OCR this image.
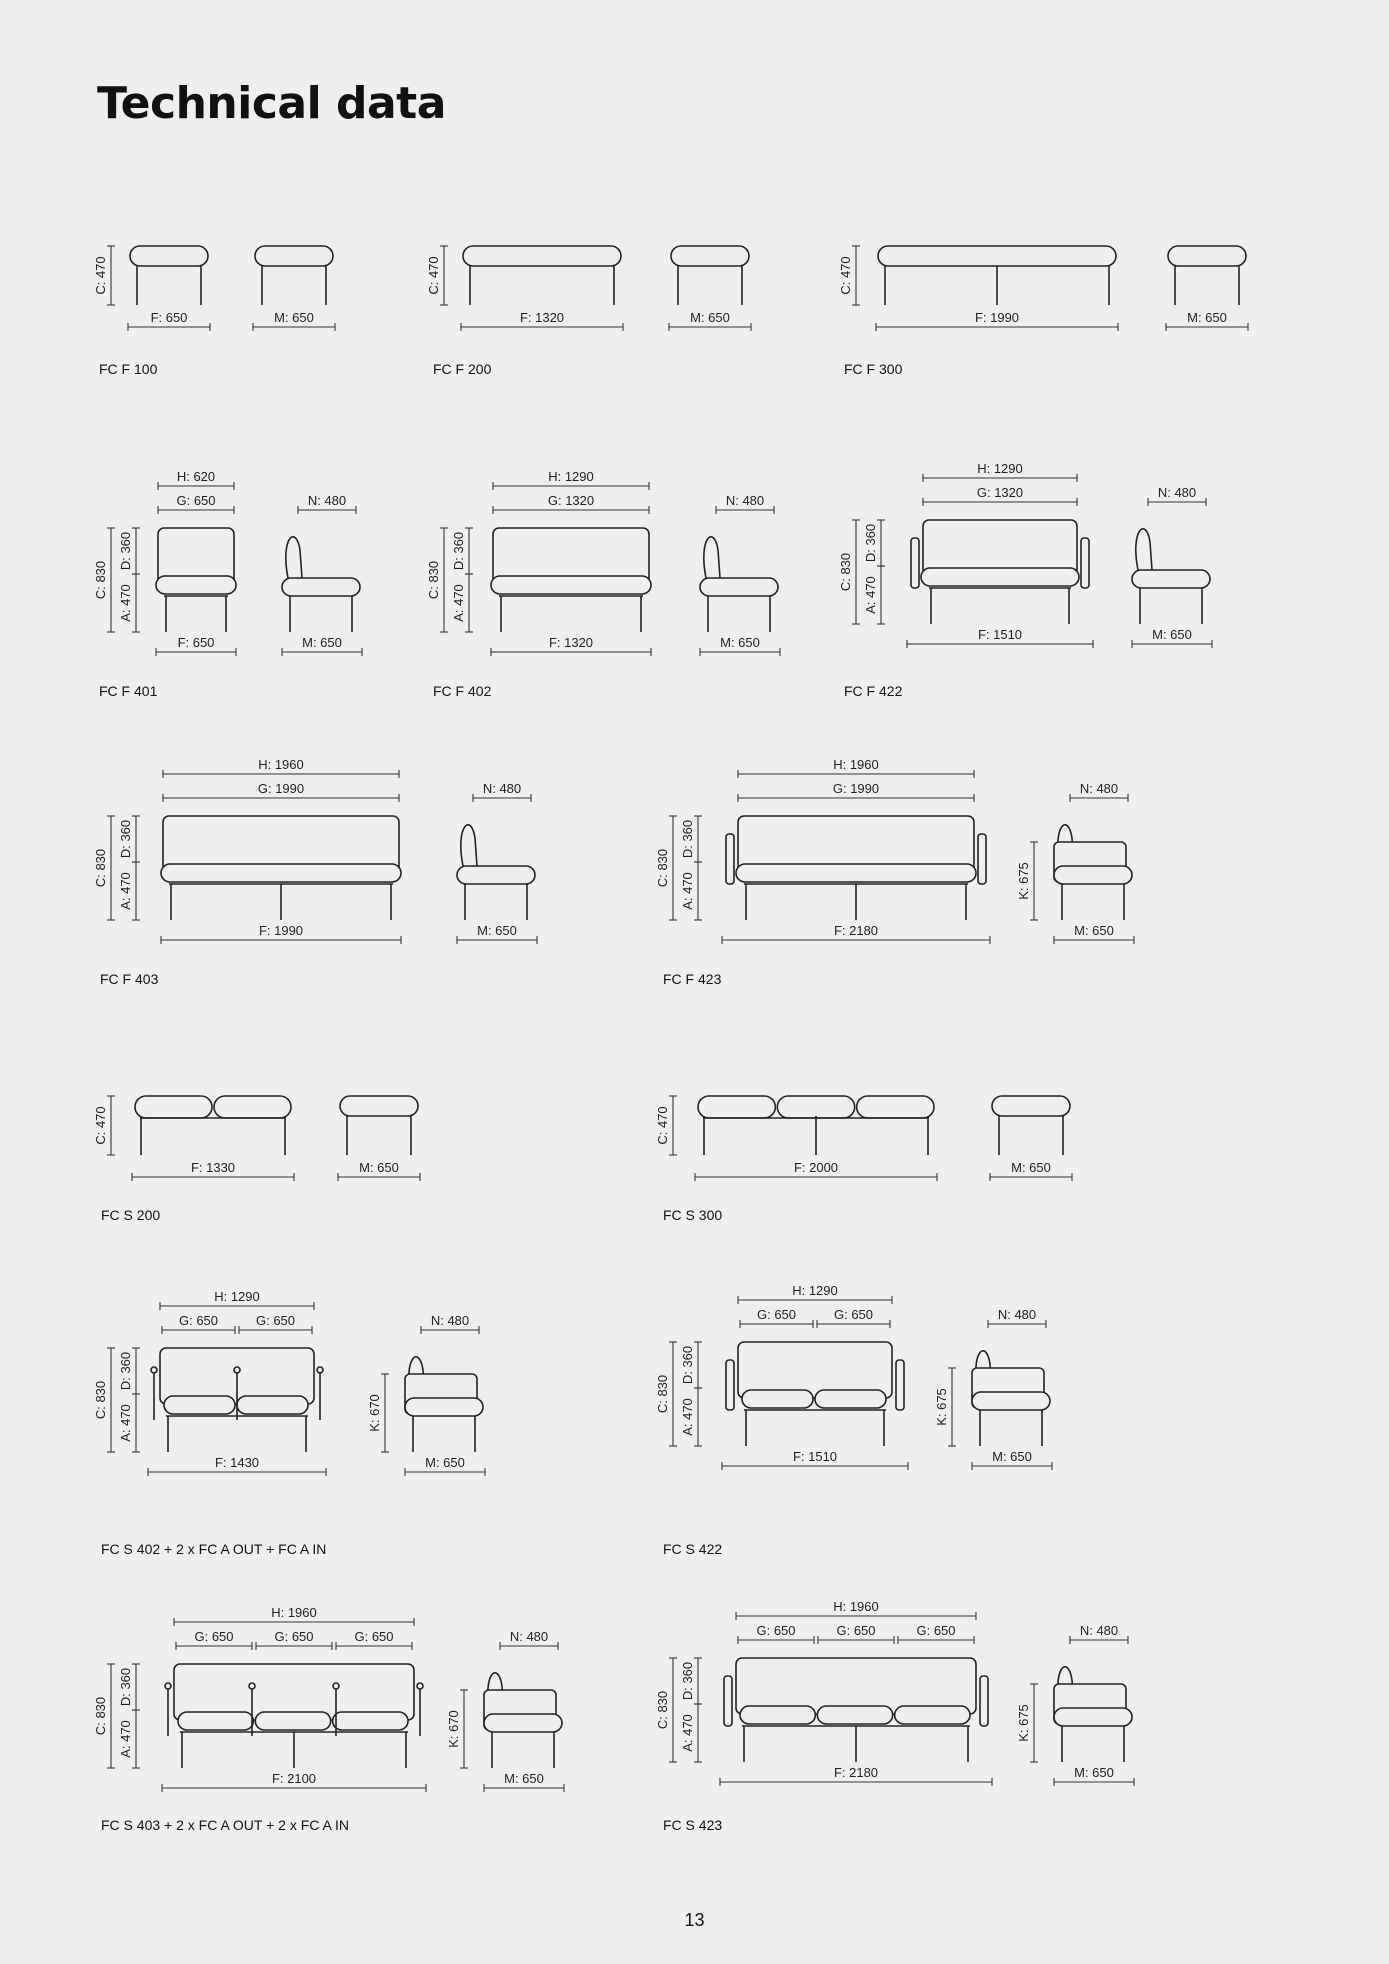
Technical data
C: 470
F: 650	M: 650
FC F 100
C: 470
F: 1320	M: 650
FC F 200
C: 470
F: 1990	M: 650
FC F 300
C: 830
D: 360
A: 470
H: 620
G: 650
F: 650
N: 480
M: 650
FC F 401
C: 830
D: 360
A: 470
H: 1290
G: 1320
F: 1320
N: 480
M: 650
FC F 402
C: 830
D: 360
A: 470
H: 1290
G: 1320
F: 1510
N: 480
M: 650
FC F 422
C: 830
D: 360
A: 470
H: 1960
G: 1990
F: 1990
N: 480
M: 650
FC F 403
C: 830
D: 360
A: 470
H: 1960
G: 1990
F: 2180
K: 675
N: 480
M: 650
FC F 423
C: 470
F: 1330	M: 650
FC S 200
C: 470
F: 2000	M: 650
FC S 300
C: 830
D: 360
A: 470
H: 1290
G: 650	G: 650
F: 1430
K: 670
N: 480
M: 650
FC S 402 + 2 x FC A OUT + FC A IN
C: 830
D: 360
A: 470
H: 1290
G: 650	G: 650
F: 1510
K: 675
N: 480
M: 650
FC S 422
C: 830
D: 360
A: 470
H: 1960
G: 650	G: 650	G: 650
F: 2100
K: 670
N: 480
M: 650
FC S 403 + 2 x FC A OUT + 2 x FC A IN
C: 830
D: 360
A: 470
H: 1960
G: 650	G: 650	G: 650
F: 2180
K: 675
N: 480
M: 650
FC S 423
13
